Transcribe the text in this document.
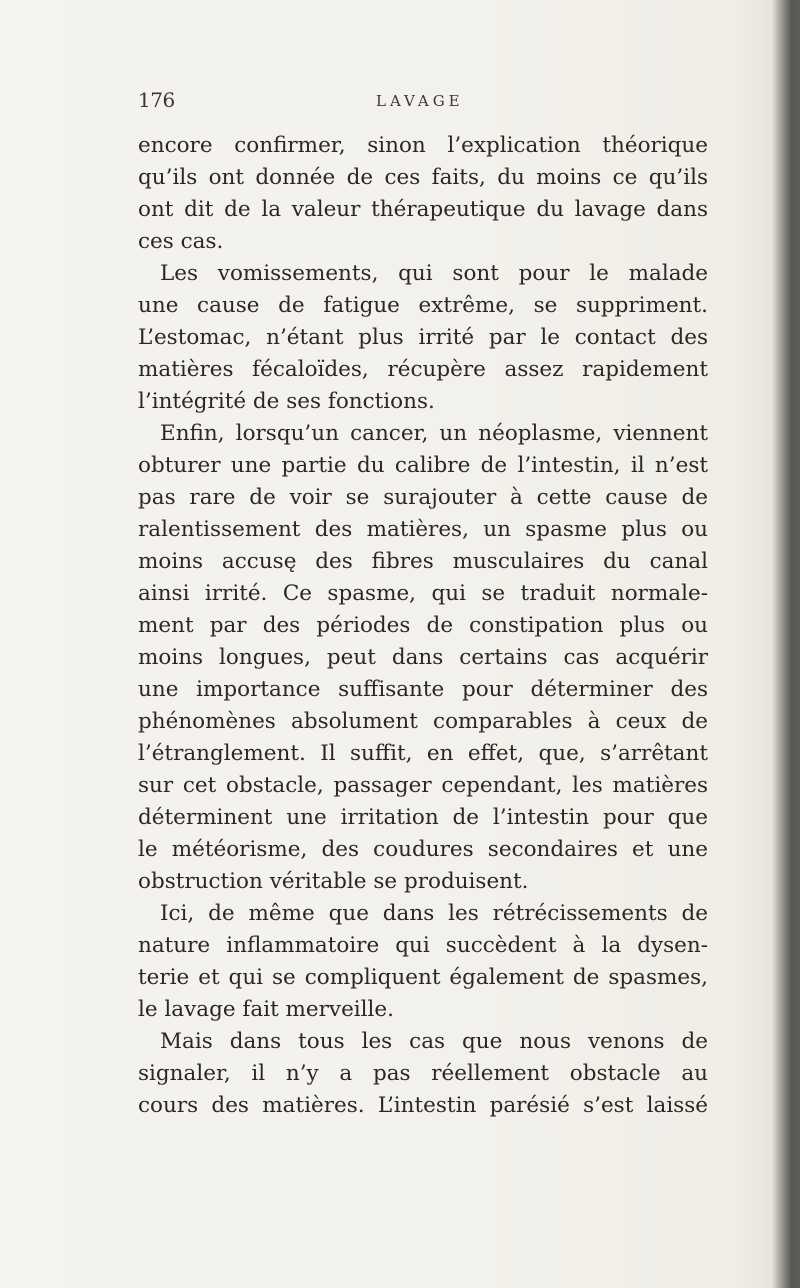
176	LAVAGE
encore confirmer, sinon l’explication théorique
qu’ils ont donnée de ces faits, du moins ce qu’ils
ont dit de la valeur thérapeutique du lavage dans
ces cas.
Les vomissements, qui sont pour le malade
une cause de fatigue extrême, se suppriment.
L’estomac, n’étant plus irrité par le contact des
matières fécaloïdes, récupère assez rapidement
l’intégrité de ses fonctions.
Enfin, lorsqu’un cancer, un néoplasme, viennent
obturer une partie du calibre de l’intestin, il n’est
pas rare de voir se surajouter à cette cause de
ralentissement des matières, un spasme plus ou
moins accusę des fibres musculaires du canal
ainsi irrité. Ce spasme, qui se traduit normale-
ment par des périodes de constipation plus ou
moins longues, peut dans certains cas acquérir
une importance suffisante pour déterminer des
phénomènes absolument comparables à ceux de
l’étranglement. Il suffit, en effet, que, s’arrêtant
sur cet obstacle, passager cependant, les matières
déterminent une irritation de l’intestin pour que
le météorisme, des coudures secondaires et une
obstruction véritable se produisent.
Ici, de même que dans les rétrécissements de
nature inflammatoire qui succèdent à la dysen-
terie et qui se compliquent également de spasmes,
le lavage fait merveille.
Mais dans tous les cas que nous venons de
signaler, il n’y a pas réellement obstacle au
cours des matières. L’intestin parésié s’est laissé
